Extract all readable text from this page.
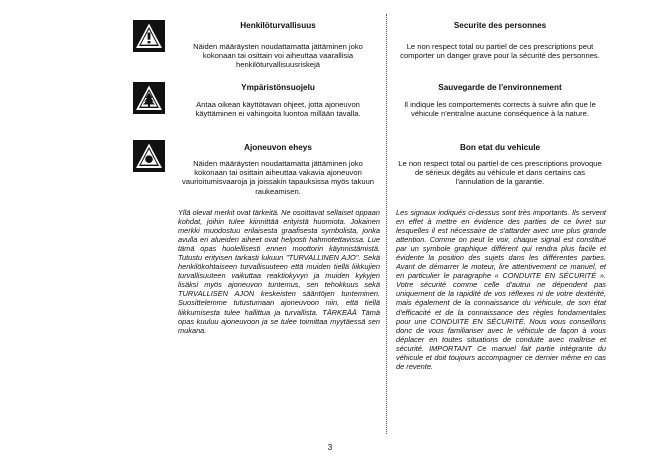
Henkilöturvallisuus
Näiden määräysten noudattamatta jättäminen joko kokonaan tai osittain voi aiheuttaa vaarallisia henkilöturvallisuusriskejä
Securite des personnes
Le non respect total ou partiel de ces prescriptions peut comporter un danger grave pour la sécurité des personnes.
Ympäristönsuojelu
Antaa oikean käyttötavan ohjeet, jotta ajoneuvon käyttäminen ei vahingoita luontoa millään tavalla.
Sauvegarde de l'environnement
Il indique les comportements corrects à suivre afin que le véhicule n'entraîne aucune conséquence à la nature.
Ajoneuvon eheys
Näiden määräysten noudattamatta jättäminen joko kokonaan tai osittain aiheuttaa vakavia ajoneuvon vaurioitumisvaaroja ja joissakin tapauksissa myös takuun raukeamisen.
Bon etat du vehicule
Le non respect total ou partiel de ces prescriptions provoque de sérieux dégâts au véhicule et dans certains cas l'annulation de la garantie.
Yllä olevat merkit ovat tärkeitä. Ne osoittavat sellaiset oppaan kohdat, joihin tulee kiinnittää erityistä huomiota. Jokainen merkki muodostuu erilaisesta graafisesta symbolista, jonka avulla eri alueiden aiheet ovat helposti hahmotettavissa. Lue tämä opas huolellisesti ennen moottorin käynnistämistä. Tutustu erityisen tarkasti lukuun "TURVALLINEN AJO". Sekä henkilökohtaiseen turvallisuuteen että muiden tiellä liikkujien turvallisuuteen vaikuttaa reaktiokyvyn ja muiden kykyjen lisäksi myös ajoneuvon tuntemus, sen tehokkuus sekä TURVALLISEN AJON keskeisten sääntöjen tunteminen. Suosittelemme tutustumaan ajoneuvoon niin, että tiellä liikkumisesta tulee hallittua ja turvallista. TÄRKEÄÄ Tämä opas kuuluu ajoneuvoon ja se tulee toimittaa myytäessä sen mukana.
Les signaux indiqués ci-dessus sont très importants. Ils servent en effet à mettre en évidence des parties de ce livret sur lesquelles il est nécessaire de s'attarder avec une plus grande attention. Comme on peut le voir, chaque signal est constitué par un symbole graphique différent qui rendra plus facile et évidente la position des sujets dans les différentes parties. Avant de démarrer le moteur, lire attentivement ce manuel, et en particulier le paragraphe « CONDUITE EN SÉCURITÉ ». Votre sécurité comme celle d'autrui ne dépendent pas uniquement de la rapidité de vos réflexes ni de votre dextérité, mais également de la connaissance du véhicule, de son état d'efficacité et de la connaissance des règles fondamentales pour une CONDUITE EN SÉCURITÉ. Nous vous conseillons donc de vous familiariser avec le véhicule de façon à vous déplacer en toutes situations de conduite avec maîtrise et sécurité. IMPORTANT Ce manuel fait partie intégrante du véhicule et doit toujours accompagner ce dernier même en cas de revente.
3
